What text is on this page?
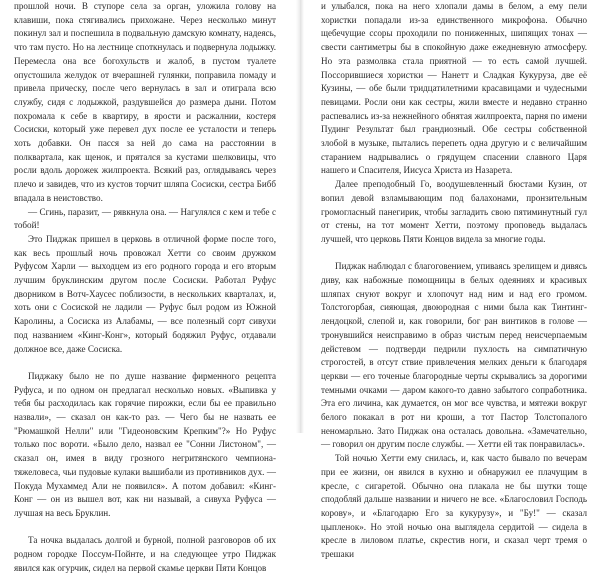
прошлой ночи. В ступоре села за орган, уложила голову на клавиши, пока стягивались прихожане. Через несколько минут покинул зал и поспешила в подвальную дамскую комнату, надеясь, что там пусто. Но на лестнице споткнулась и подвернула лодыжку. Перемесла она все богохульств и жалоб, в пустом туалете опустошила желудок от вчерашней гулянки, поправила помаду и привела прическу, после чего вернулась в зал и отиграла всю службу, сидя с лодыжкой, раздувшейся до размера дыни. Потом похромала к себе в квартиру, в ярости и расжалнии, костеря Сосиски, который уже перевел дух после ее усталости и теперь хоть добавки. Он пасся за ней до сама на расстоянии в полквартала, как щенок, и прятался за кустами шелковицы, что росли вдоль дорожек жилпроекта. Всякий раз, оглядываясь через плечо и завидев, что из кустов торчит шляпа Сосиски, сестра Бибб впадала в неистовство.

— Сгинь, паразит, — рявкнула она. — Нагулялся с кем и тебе с тобой!

Это Пиджак пришел в церковь в отличной форме после того, как весь прошлый ночь провожал Хетти со своим дружком Руфусом Харли — выходцем из его родного города и его вторым лучшим бруклинским другом после Сосиски. Работал Руфус дворником в Вотч-Хаусес поблизости, в нескольких кварталах, и, хоть они с Сосиской не ладили — Руфус был родом из Южной Каролины, а Сосиска из Алабамы, — все полезный сорт сивухи под названием «Кинг-Конг», который бодяжил Руфус, отдавали должное все, даже Сосиска.

Пиджаку было не по душе название фирменного рецепта Руфуса, и по одном он предлагал несколько новых. «Выпивка у тебя бы расходилась как горячие пирожки, если бы ее правильно назвали», — сказал он как-то раз. — Чего бы не назвать ее "Рюмашкой Нелли" или "Гидеоновским Крепким"?» Но Руфус только пос вороти. «Было дело, назвал ее "Сонни Листоном", — сказал он, имея в виду грозного негритянского чемпиона-тяжеловеса, чьи пудовые кулаки вышибали из противников дух. — Покуда Мухаммед Али не появился». А потом добавил: «Кинг-Конг — он из вышел вот, как ни называй, а сивуха Руфуса — лучшая на весь Бруклин.

Та ночка выдалась долгой и бурной, полной разговоров об их родном городке Поссум-Пойнте, и на следующее утро Пиджак явился как огурчик, сидел на первой скамье церкви Пяти Концов

и улыбался, пока на него хлопали дамы в белом, а ему пели хористки попадали из-за единственного микрофона. Обычно щебечущие ссоры проходили по пониженных, шипящих тонах — свести сантиметры бы в спокойную даже ежедневную атмосферу. Но эта размолвка стала приятной — то есть самой лучшей. Поссорившиеся хористки — Нанетт и Сладкая Кукуруза, две её Кузины, — обе были тридцатилетними красавицами и чудесными певицами. Росли они как сестры, жили вместе и недавно странно распевались из-за нежнейного обнятая жилпроекта, парня по имени Пудинг Результат был грандиозный. Обе сестры собственной злобой в музыке, пытались перепеть одна другую и с величайшим старанием надрывались о грядущем спасении славного Царя нашего и Спасителя, Иисуса Христа из Назарета.

Далее преподобный Го, воодушевленный бюстами Кузин, от вопил девой взламывающим под балахонами, пронзительным громогласный панегирик, чтобы загладить свою пятиминутный гул от стены, на тот момент Хетти, поэтому проповедь выдалась лучшей, что церковь Пяти Концов видела за многие годы.

Пиджак наблюдал с благоговением, упиваясь зрелищем и дивясь диву, как набожные помощницы в белых одеяниях и красивых шляпах снуют вокруг и хлопочут над ним и над его громом. Толстогорбая, сияющая, двоюродная с ними была как Тинтинг-лендоцкой, слепой и, как говорили, бог ран винтиков в голове — тронувшийся неисправимо в образ чистым перед неисчерпаемым дейстевом — подтверди педрили пухлость на симпатичную строгостей, в отсут ствие привлечения мелких деньги к благодаря церкви — его точеные благородные черты скрывались за дорогими темными очками — даром какого-то давно забытого сопработника. Эта его личина, как думается, он мог все чувства, и мятежи вокруг белого покакал в рот ни кроши, а тот Пастор Толстопалого неномарльно. Зато Пиджак она осталась довольна. «Замечательно, — говорил он другим после службы. — Хетти ей так понравилась».

Той ночью Хетти ему снилась, и, как часто бывало по вечерам при ее жизни, он явился в кухню и обнаружил ее плачущим в кресле, с сигаретой. Обычно она плакала не бы шутки тоще сподобляй дальше названии и ничего не все. «Благословил Господь корову», и «Благодарю Его за кукурузу», и "Бу!" — сказал цыпленок». Но этой ночью она выглядела сердитой — сидела в кресле в лиловом платье, скрестив ноги, и сказал черт тремя о трешаки
